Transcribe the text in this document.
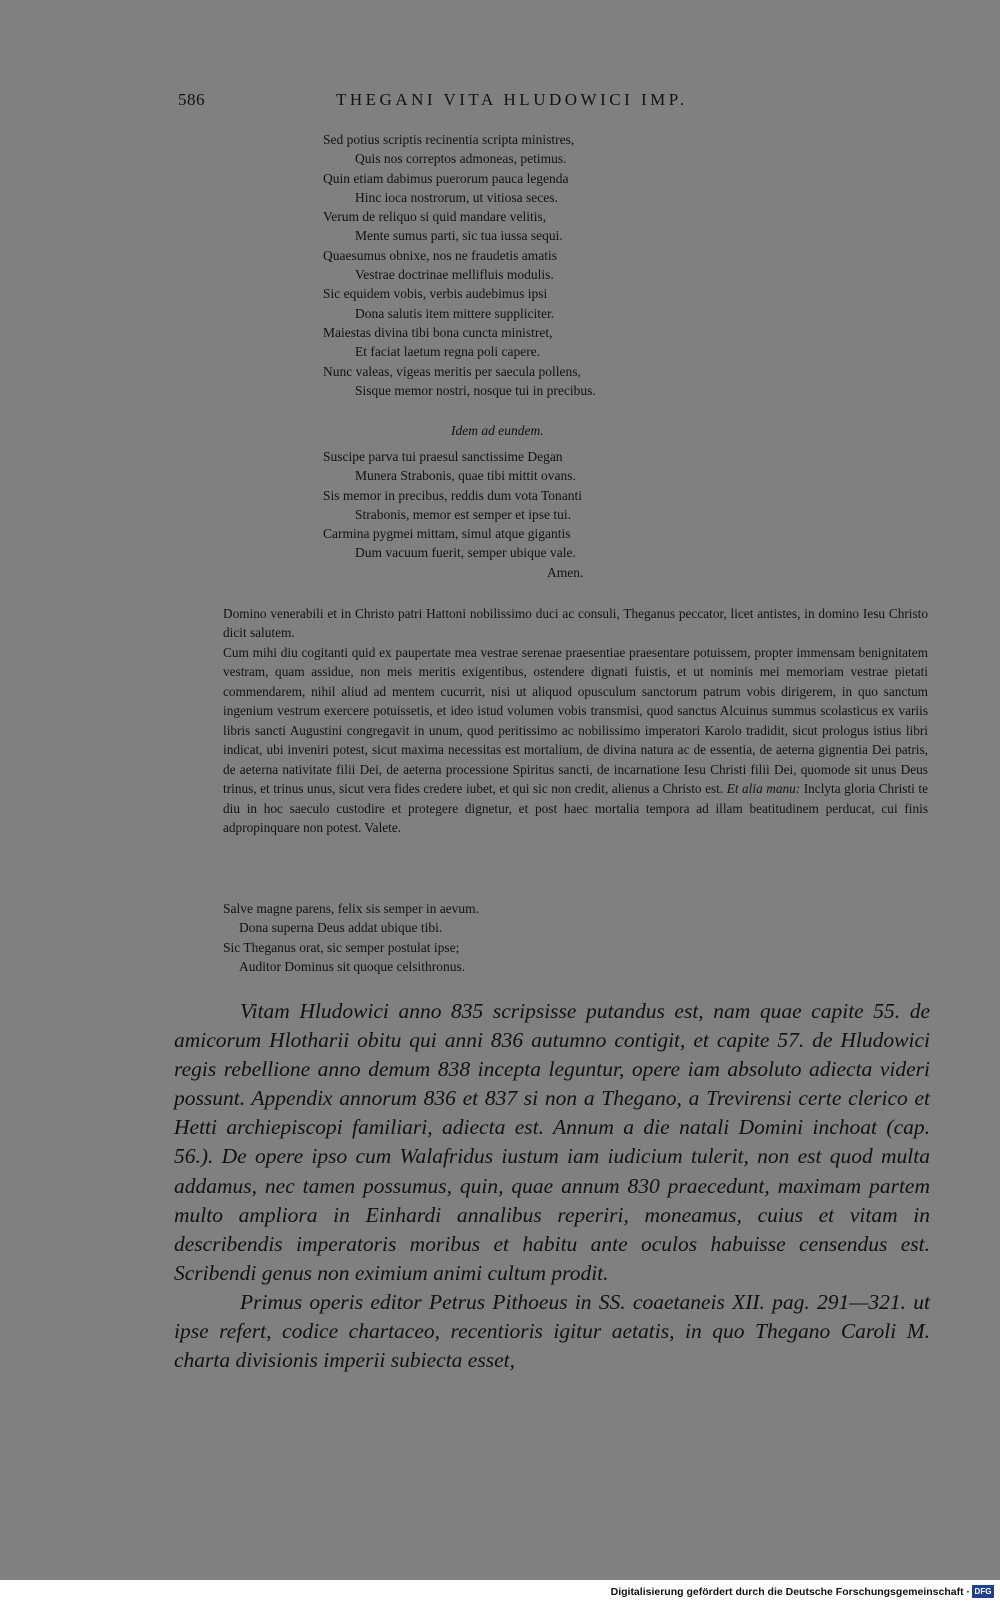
586	THEGANI VITA HLUDOWICI IMP.
Sed potius scriptis recinentia scripta ministres,
Quis nos correptos admoneas, petimus.
Quin etiam dabimus puerorum pauca legenda
Hinc ioca nostrorum, ut vitiosa seces.
Verum de reliquo si quid mandare velitis,
Mente sumus parti, sic tua iussa sequi.
Quaesumus obnixe, nos ne fraudetis amatis
Vestrae doctrinae mellifluis modulis.
Sic equidem vobis, verbis audebimus ipsi
Dona salutis item mittere suppliciter.
Maiestas divina tibi bona cuncta ministret,
Et faciat laetum regna poli capere.
Nunc valeas, vigeas meritis per saecula pollens,
Sisque memor nostri, nosque tui in precibus.
Idem ad eundem.
Suscipe parva tui praesul sanctissime Degan
Munera Strabonis, quae tibi mittit ovans.
Sis memor in precibus, reddis dum vota Tonanti
Strabonis, memor est semper et ipse tui.
Carmina pygmei mittam, simul atque gigantis
Dum vacuum fuerit, semper ubique vale.
Amen.

Domino venerabili et in Christo patri Hattoni nobilissimo duci ac consuli, Theganus peccator, licet antistes, in domino Iesu Christo dicit salutem.

Cum mihi diu cogitanti quid ex paupertate mea vestrae serenae praesentiae praesentare potuissem, propter immensam benignitatem vestram, quam assidue, non meis meritis exigentibus, ostendere dignati fuistis, et ut nominis mei memoriam vestrae pietati commendarem, nihil aliud ad mentem cucurrit, nisi ut aliquod opusculum sanctorum patrum vobis dirigerem, in quo sanctum ingenium vestrum exercere potuissetis, et ideo istud volumen vobis transmisi, quod sanctus Alcuinus summus scolasticus ex variis libris sancti Augustini congregavit in unum, quod peritissimo ac nobilissimo imperatori Karolo tradidit, sicut prologus istius libri indicat, ubi inveniri potest, sicut maxima necessitas est mortalium, de divina natura ac de essentia, de aeterna gignentia Dei patris, de aeterna nativitate filii Dei, de aeterna processione Spiritus sancti, de incarnatione Iesu Christi filii Dei, quomode sit unus Deus trinus, et trinus unus, sicut vera fides credere iubet, et qui sic non credit, alienus a Christo est. Et alia manu: Inclyta gloria Christi te diu in hoc saeculo custodire et protegere dignetur, et post haec mortalia tempora ad illam beatitudinem perducat, cui finis adpropinquare non potest. Valete.

Salve magne parens, felix sis semper in aevum.
Dona superna Deus addat ubique tibi.
Sic Theganus orat, sic semper postulat ipse;
Auditor Dominus sit quoque celsithronus.

Vitam Hludowici anno 835 scripsisse putandus est, nam quae capite 55. de amicorum Hlotharii obitu qui anni 836 autumno contigit, et capite 57. de Hludowici regis rebellione anno demum 838 incepta leguntur, opere iam absoluto adiecta videri possunt. Appendix annorum 836 et 837 si non a Thegano, a Trevirensi certe clerico et Hetti archiepiscopi familiari, adiecta est. Annum a die natali Domini inchoat (cap. 56.). De opere ipso cum Walafridus iustum iam iudicium tulerit, non est quod multa addamus, nec tamen possumus, quin, quae annum 830 praecedunt, maximam partem multo ampliora in Einhardi annalibus reperiri, moneamus, cuius et vitam in describendis imperatoris moribus et habitu ante oculos habuisse censendus est. Scribendi genus non eximium animi cultum prodit.

Primus operis editor Petrus Pithoeus in SS. coaetaneis XII. pag. 291—321. ut ipse refert, codice chartaceo, recentioris igitur aetatis, in quo Thegano Caroli M. charta divisionis imperii subiecta esset,

Digitalisierung gefördert durch die Deutsche Forschungsgemeinschaft · DFG
